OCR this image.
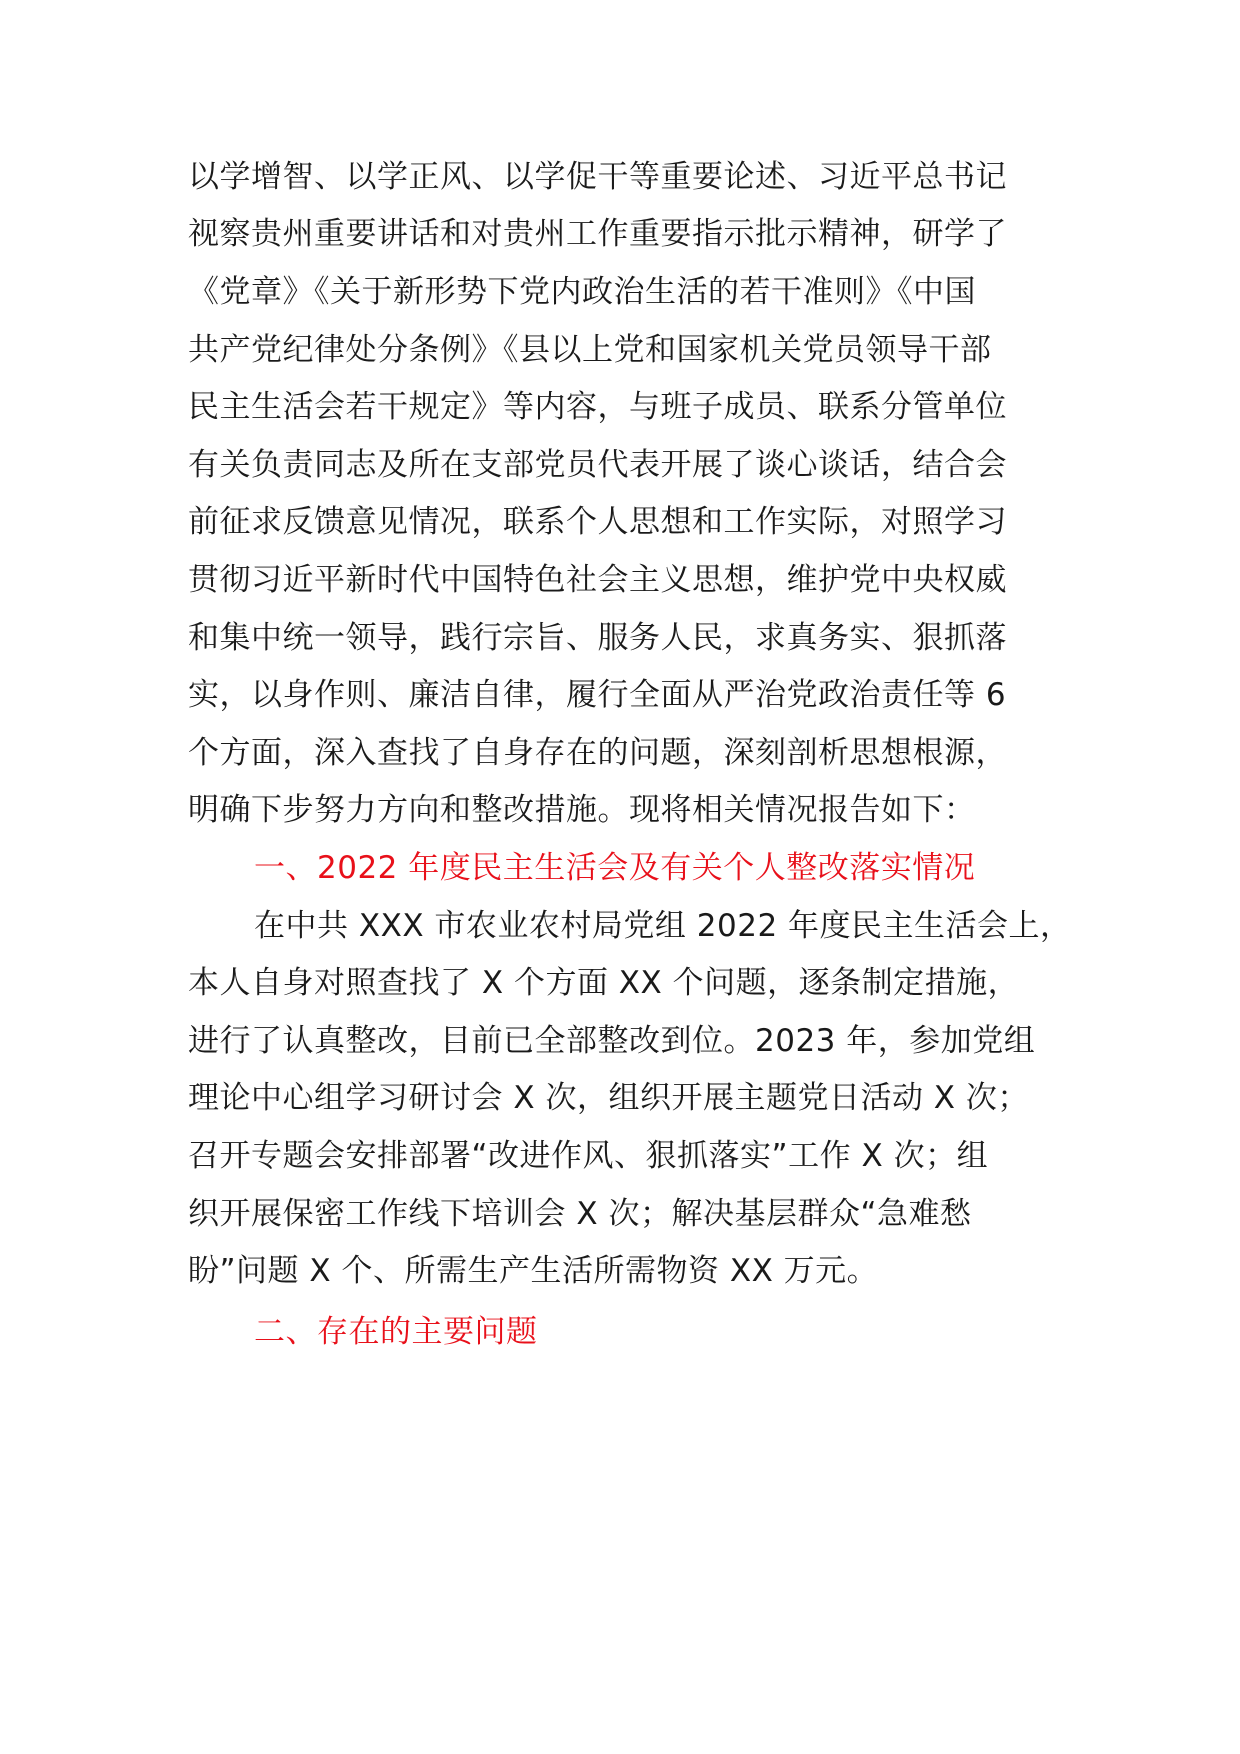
以学增智、以学正风、以学促干等重要论述、习近平总书记
视察贵州重要讲话和对贵州工作重要指示批示精神，研学了
《党章》《关于新形势下党内政治生活的若干准则》《中国
共产党纪律处分条例》《县以上党和国家机关党员领导干部
民主生活会若干规定》等内容，与班子成员、联系分管单位
有关负责同志及所在支部党员代表开展了谈心谈话，结合会
前征求反馈意见情况，联系个人思想和工作实际，对照学习
贯彻习近平新时代中国特色社会主义思想，维护党中央权威
和集中统一领导，践行宗旨、服务人民，求真务实、狠抓落
实，以身作则、廉洁自律，履行全面从严治党政治责任等 6
个方面，深入查找了自身存在的问题，深刻剖析思想根源，
明确下步努力方向和整改措施。现将相关情况报告如下：
一、2022 年度民主生活会及有关个人整改落实情况
在中共 XXX 市农业农村局党组 2022 年度民主生活会上，
本人自身对照查找了 X 个方面 XX 个问题，逐条制定措施，
进行了认真整改，目前已全部整改到位。2023 年，参加党组
理论中心组学习研讨会 X 次，组织开展主题党日活动 X 次；
召开专题会安排部署“改进作风、狠抓落实”工作 X 次；组
织开展保密工作线下培训会 X 次；解决基层群众“急难愁
盼”问题 X 个、所需生产生活所需物资 XX 万元。
二、存在的主要问题
